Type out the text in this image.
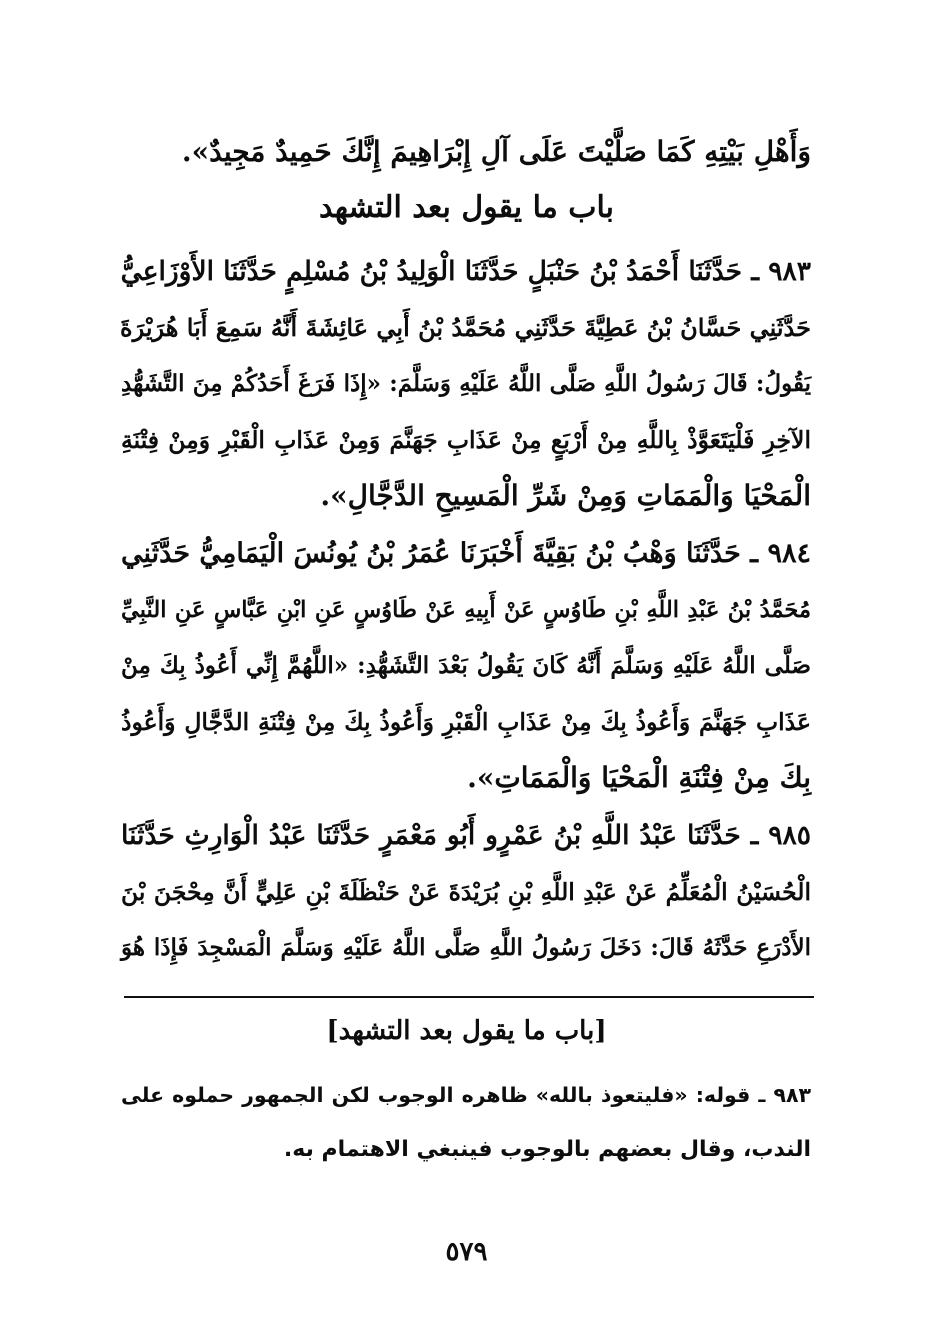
وَأَهْلِ بَيْتِهِ كَمَا صَلَّيْتَ عَلَى آلِ إِبْرَاهِيمَ إِنَّكَ حَمِيدٌ مَجِيدٌ».
باب ما يقول بعد التشهد
٩٨٣ ـ حَدَّثَنَا أَحْمَدُ بْنُ حَنْبَلٍ حَدَّثَنَا الْوَلِيدُ بْنُ مُسْلِمٍ حَدَّثَنَا الأَوْزَاعِيُّ
حَدَّثَنِي حَسَّانُ بْنُ عَطِيَّةَ حَدَّثَنِي مُحَمَّدُ بْنُ أَبِي عَائِشَةَ أَنَّهُ سَمِعَ أَبَا هُرَيْرَةَ
يَقُولُ: قَالَ رَسُولُ اللَّهِ صَلَّى اللَّهُ عَلَيْهِ وَسَلَّمَ: «إِذَا فَرَغَ أَحَدُكُمْ مِنَ التَّشَهُّدِ
الآخِرِ فَلْيَتَعَوَّذْ بِاللَّهِ مِنْ أَرْبَعٍ مِنْ عَذَابِ جَهَنَّمَ وَمِنْ عَذَابِ الْقَبْرِ وَمِنْ فِتْنَةِ
الْمَحْيَا وَالْمَمَاتِ وَمِنْ شَرِّ الْمَسِيحِ الدَّجَّالِ».
٩٨٤ ـ حَدَّثَنَا وَهْبُ بْنُ بَقِيَّةَ أَخْبَرَنَا عُمَرُ بْنُ يُونُسَ الْيَمَامِيُّ حَدَّثَنِي
مُحَمَّدُ بْنُ عَبْدِ اللَّهِ بْنِ طَاوُسٍ عَنْ أَبِيهِ عَنْ طَاوُسٍ عَنِ ابْنِ عَبَّاسٍ عَنِ النَّبِيِّ
صَلَّى اللَّهُ عَلَيْهِ وَسَلَّمَ أَنَّهُ كَانَ يَقُولُ بَعْدَ التَّشَهُّدِ: «اللَّهُمَّ إِنِّي أَعُوذُ بِكَ مِنْ
عَذَابِ جَهَنَّمَ وَأَعُوذُ بِكَ مِنْ عَذَابِ الْقَبْرِ وَأَعُوذُ بِكَ مِنْ فِتْنَةِ الدَّجَّالِ وَأَعُوذُ
بِكَ مِنْ فِتْنَةِ الْمَحْيَا وَالْمَمَاتِ».
٩٨٥ ـ حَدَّثَنَا عَبْدُ اللَّهِ بْنُ عَمْرٍو أَبُو مَعْمَرٍ حَدَّثَنَا عَبْدُ الْوَارِثِ حَدَّثَنَا
الْحُسَيْنُ الْمُعَلِّمُ عَنْ عَبْدِ اللَّهِ بْنِ بُرَيْدَةَ عَنْ حَنْظَلَةَ بْنِ عَلِيٍّ أَنَّ مِحْجَنَ بْنَ
الأَدْرَعِ حَدَّثَهُ قَالَ: دَخَلَ رَسُولُ اللَّهِ صَلَّى اللَّهُ عَلَيْهِ وَسَلَّمَ الْمَسْجِدَ فَإِذَا هُوَ
[باب ما يقول بعد التشهد]
٩٨٣ ـ قوله: «فليتعوذ بالله» ظاهره الوجوب لكن الجمهور حملوه على
الندب، وقال بعضهم بالوجوب فينبغي الاهتمام به.
٥٧٩
